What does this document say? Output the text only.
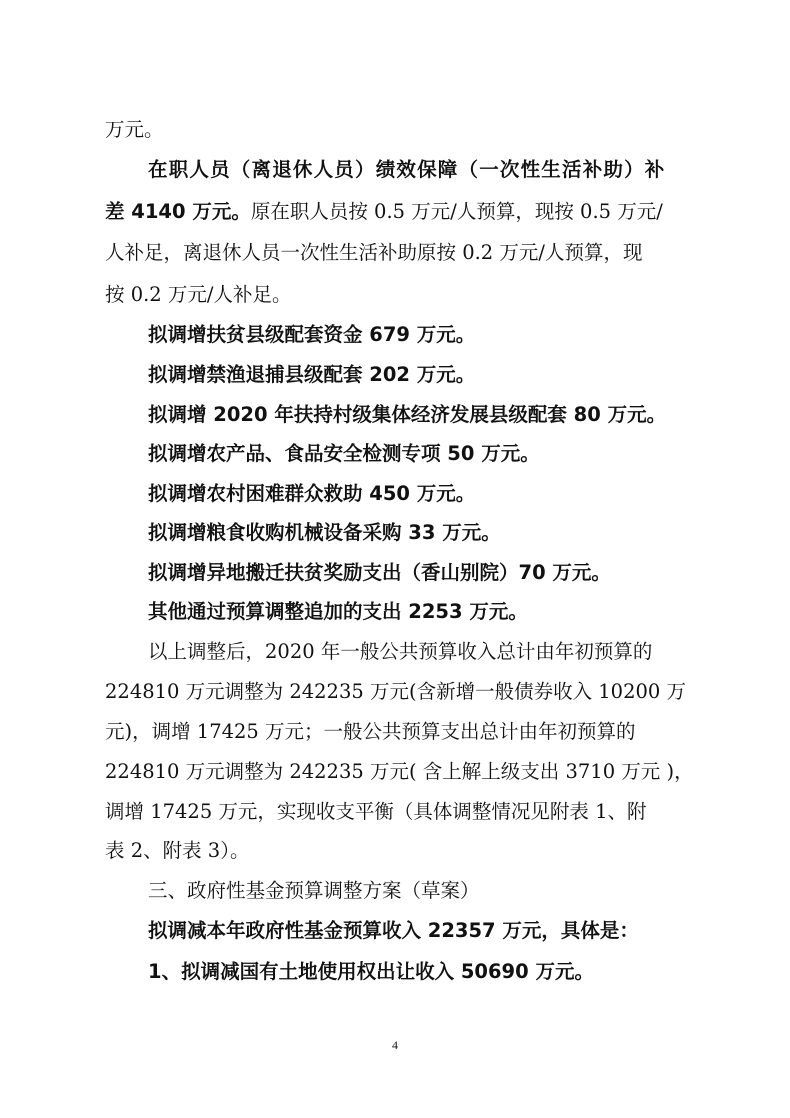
万元。
在职人员（离退休人员）绩效保障（一次性生活补助）补
差 4140 万元。原在职人员按 0.5 万元/人预算，现按 0.5 万元/
人补足，离退休人员一次性生活补助原按 0.2 万元/人预算，现
按 0.2 万元/人补足。
拟调增扶贫县级配套资金 679 万元。
拟调增禁渔退捕县级配套 202 万元。
拟调增 2020 年扶持村级集体经济发展县级配套 80 万元。
拟调增农产品、食品安全检测专项 50 万元。
拟调增农村困难群众救助 450 万元。
拟调增粮食收购机械设备采购 33 万元。
拟调增异地搬迁扶贫奖励支出（香山别院）70 万元。
其他通过预算调整追加的支出 2253 万元。
以上调整后，2020 年一般公共预算收入总计由年初预算的
224810 万元调整为 242235 万元(含新增一般债券收入 10200 万
元)，调增 17425 万元；一般公共预算支出总计由年初预算的
224810 万元调整为 242235 万元( 含上解上级支出 3710 万元 )，
调增 17425 万元，实现收支平衡（具体调整情况见附表 1、附
表 2、附表 3）。
三、政府性基金预算调整方案（草案）
拟调减本年政府性基金预算收入 22357 万元，具体是：
1、拟调减国有土地使用权出让收入 50690 万元。
4
